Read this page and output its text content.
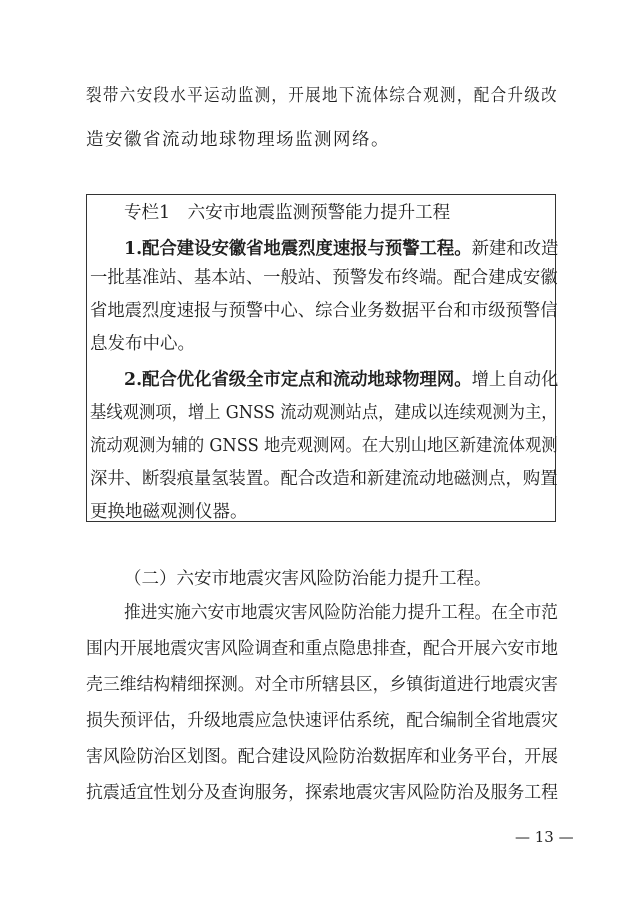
裂带六安段水平运动监测，开展地下流体综合观测，配合升级改
造安徽省流动地球物理场监测网络。
专栏1　六安市地震监测预警能力提升工程
1.配合建设安徽省地震烈度速报与预警工程。新建和改造
一批基准站、基本站、一般站、预警发布终端。配合建成安徽
省地震烈度速报与预警中心、综合业务数据平台和市级预警信
息发布中心。
2.配合优化省级全市定点和流动地球物理网。增上自动化
基线观测项，增上 GNSS 流动观测站点，建成以连续观测为主，
流动观测为辅的 GNSS 地壳观测网。在大别山地区新建流体观测
深井、断裂痕量氢装置。配合改造和新建流动地磁测点，购置
更换地磁观测仪器。
（二）六安市地震灾害风险防治能力提升工程。
推进实施六安市地震灾害风险防治能力提升工程。在全市范
围内开展地震灾害风险调查和重点隐患排查，配合开展六安市地
壳三维结构精细探测。对全市所辖县区，乡镇街道进行地震灾害
损失预评估，升级地震应急快速评估系统，配合编制全省地震灾
害风险防治区划图。配合建设风险防治数据库和业务平台，开展
抗震适宜性划分及查询服务，探索地震灾害风险防治及服务工程
— 13 —
